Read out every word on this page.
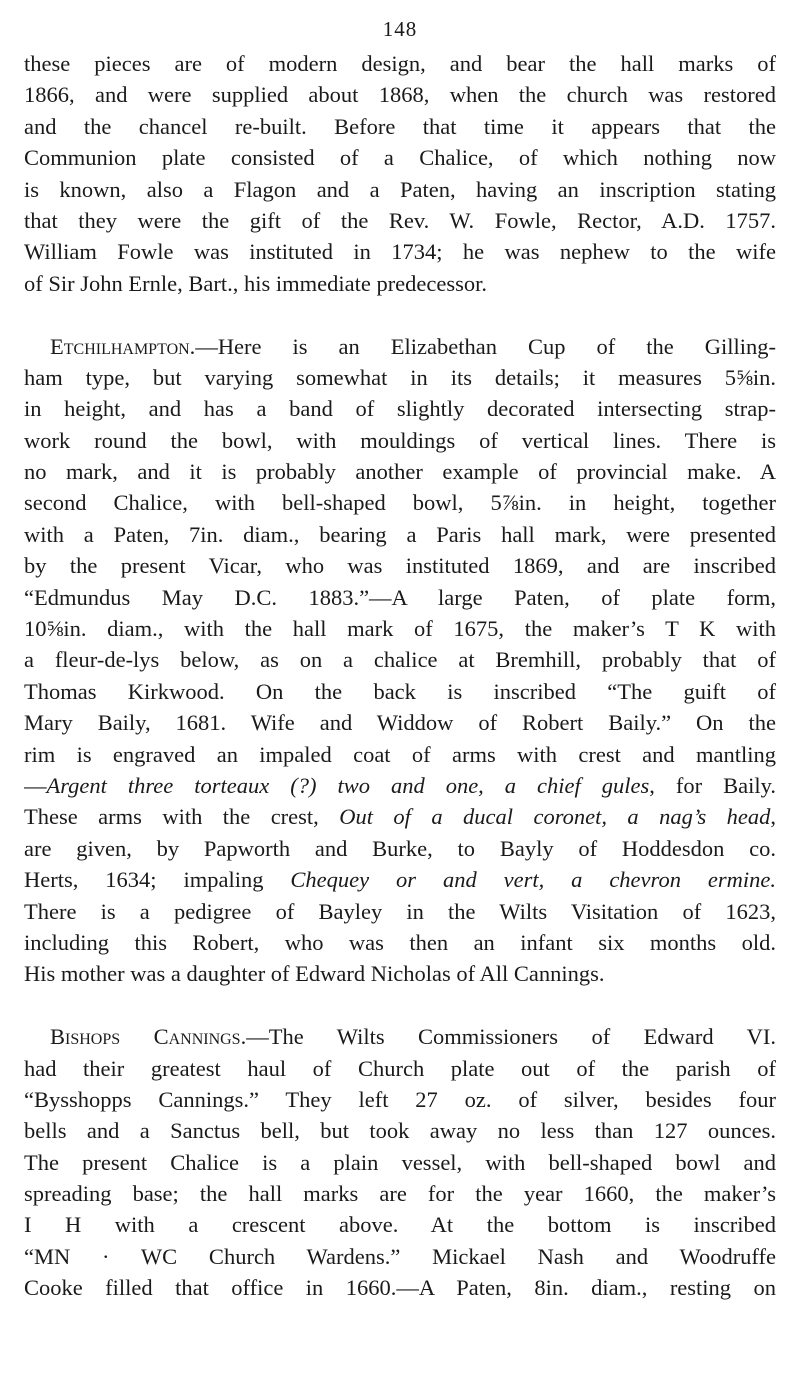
148
these pieces are of modern design, and bear the hall marks of
1866, and were supplied about 1868, when the church was restored
and the chancel re-built. Before that time it appears that the
Communion plate consisted of a Chalice, of which nothing now
is known, also a Flagon and a Paten, having an inscription stating
that they were the gift of the Rev. W. Fowle, Rector, A.D. 1757.
William Fowle was instituted in 1734; he was nephew to the wife
of Sir John Ernle, Bart., his immediate predecessor.
Etchilhampton.—Here is an Elizabethan Cup of the Gilling-
ham type, but varying somewhat in its details; it measures 5⅝in.
in height, and has a band of slightly decorated intersecting strap-
work round the bowl, with mouldings of vertical lines. There is
no mark, and it is probably another example of provincial make. A
second Chalice, with bell-shaped bowl, 5⅞in. in height, together
with a Paten, 7in. diam., bearing a Paris hall mark, were presented
by the present Vicar, who was instituted 1869, and are inscribed
“Edmundus May D.C. 1883.”—A large Paten, of plate form,
10⅝in. diam., with the hall mark of 1675, the maker’s T K with
a fleur-de-lys below, as on a chalice at Bremhill, probably that of
Thomas Kirkwood. On the back is inscribed “The guift of
Mary Baily, 1681. Wife and Widdow of Robert Baily.” On the
rim is engraved an impaled coat of arms with crest and mantling
—Argent three torteaux (?) two and one, a chief gules, for Baily.
These arms with the crest, Out of a ducal coronet, a nag’s head,
are given, by Papworth and Burke, to Bayly of Hoddesdon co.
Herts, 1634; impaling Chequey or and vert, a chevron ermine.
There is a pedigree of Bayley in the Wilts Visitation of 1623,
including this Robert, who was then an infant six months old.
His mother was a daughter of Edward Nicholas of All Cannings.
Bishops Cannings.—The Wilts Commissioners of Edward VI.
had their greatest haul of Church plate out of the parish of
“Bysshopps Cannings.” They left 27 oz. of silver, besides four
bells and a Sanctus bell, but took away no less than 127 ounces.
The present Chalice is a plain vessel, with bell-shaped bowl and
spreading base; the hall marks are for the year 1660, the maker’s
I H with a crescent above. At the bottom is inscribed
“MN · WC Church Wardens.” Mickael Nash and Woodruffe
Cooke filled that office in 1660.—A Paten, 8in. diam., resting on
